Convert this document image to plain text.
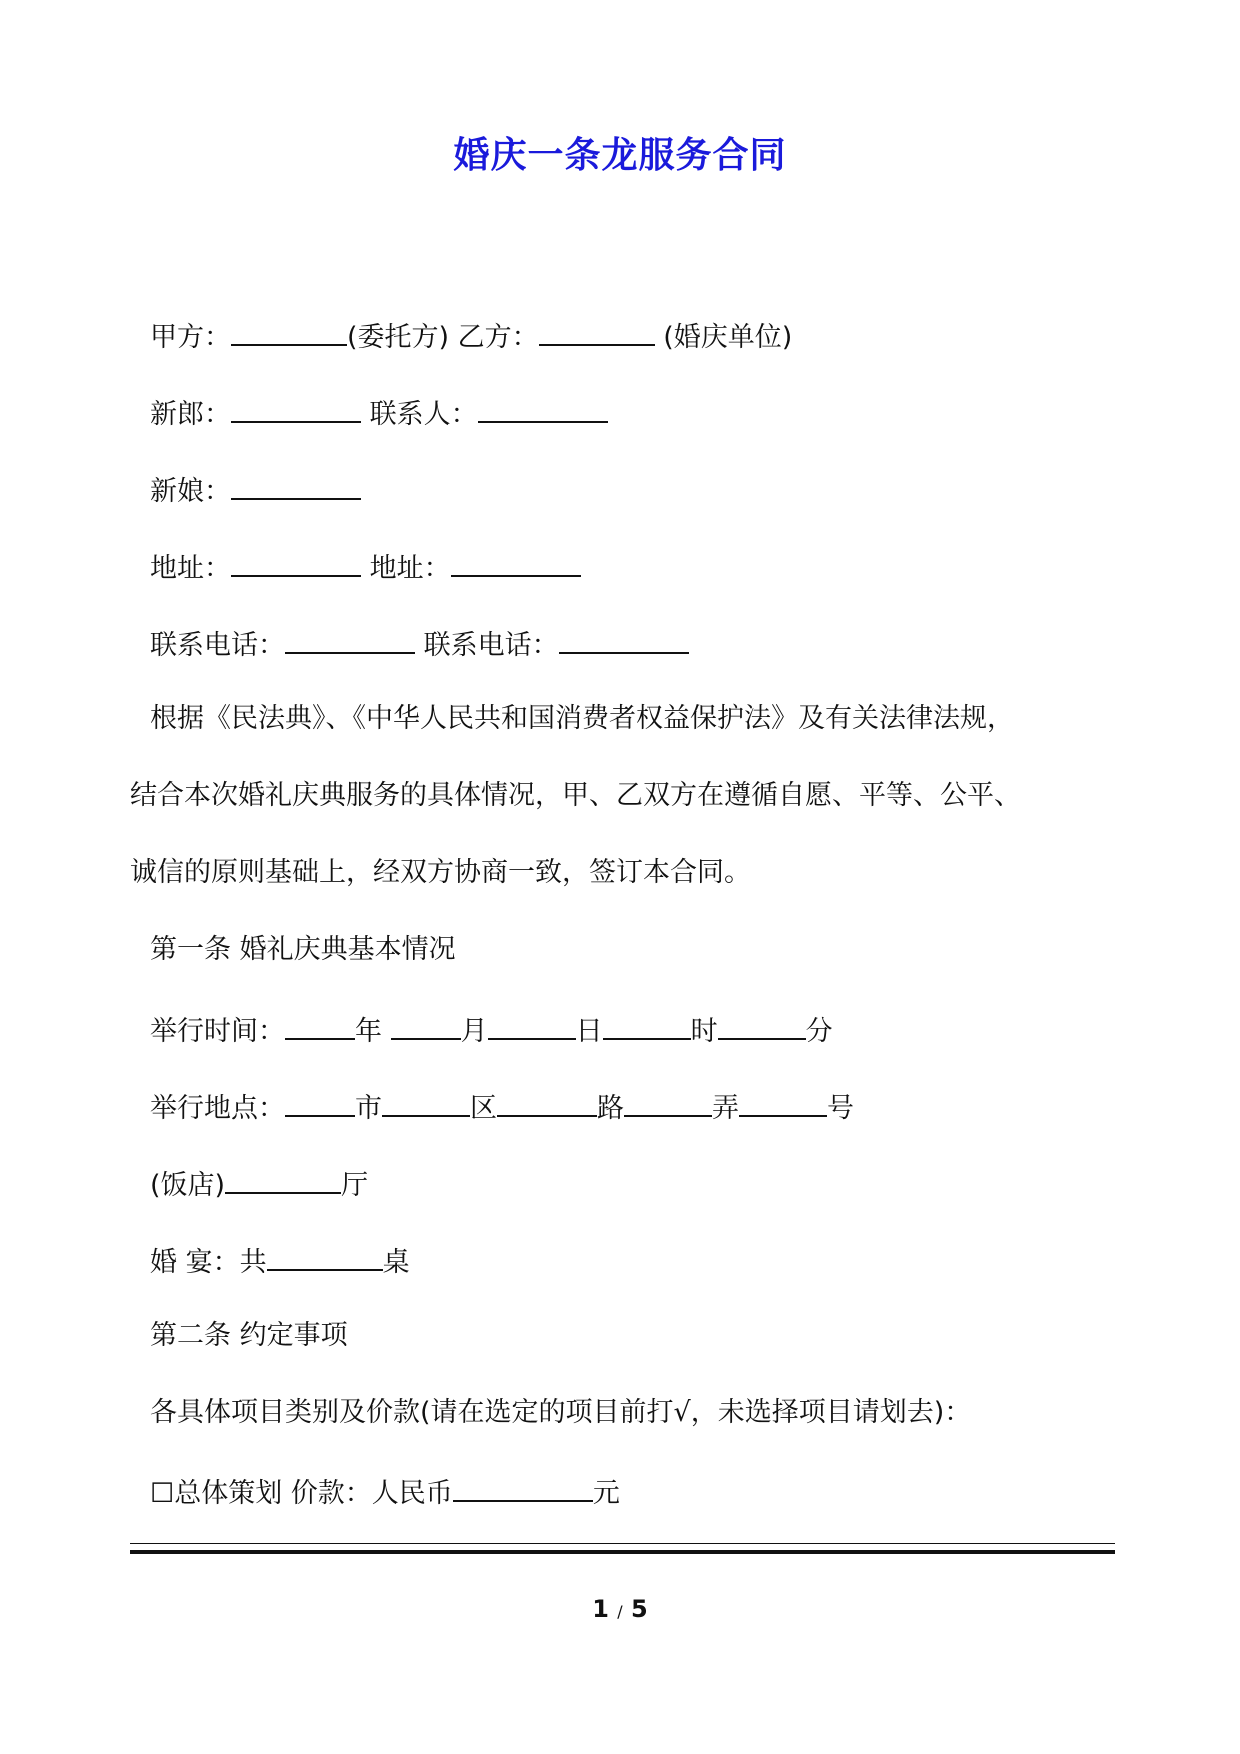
婚庆一条龙服务合同
甲方：	(委托方) 乙方：	(婚庆单位)
新郎：	联系人：
新娘：
地址：	地址：
联系电话：	联系电话：
根据《民法典》、《中华人民共和国消费者权益保护法》及有关法律法规，
结合本次婚礼庆典服务的具体情况，甲、乙双方在遵循自愿、平等、公平、
诚信的原则基础上，经双方协商一致，签订本合同。
第一条 婚礼庆典基本情况
举行时间：	年	月	日	时	分
举行地点：	市	区	路	弄	号
(饭店)	厅
婚 宴：共	桌
第二条 约定事项
各具体项目类别及价款(请在选定的项目前打√，未选择项目请划去)：
☐总体策划 价款：人民币	元
1 / 5
